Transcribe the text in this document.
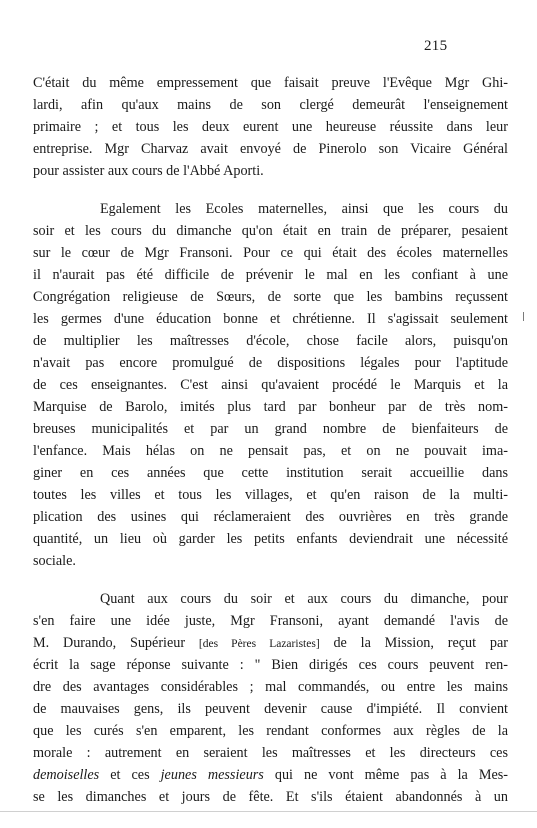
215
C'était du même empressement que faisait preuve l'Evêque Mgr Ghi-
lardi, afin qu'aux mains de son clergé demeurât l'enseignement
primaire ; et tous les deux eurent une heureuse réussite dans leur
entreprise. Mgr Charvaz avait envoyé de Pinerolo son Vicaire Général
pour assister aux cours de l'Abbé Aporti.
Egalement les Ecoles maternelles, ainsi que les cours du
soir et les cours du dimanche qu'on était en train de préparer, pesaient
sur le cœur de Mgr Fransoni. Pour ce qui était des écoles maternelles
il n'aurait pas été difficile de prévenir le mal en les confiant à une
Congrégation religieuse de Sœurs, de sorte que les bambins reçussent
les germes d'une éducation bonne et chrétienne. Il s'agissait seulement
de multiplier les maîtresses d'école, chose facile alors, puisqu'on
n'avait pas encore promulgué de dispositions légales pour l'aptitude
de ces enseignantes. C'est ainsi qu'avaient procédé le Marquis et la
Marquise de Barolo, imités plus tard par bonheur par de très nom-
breuses municipalités et par un grand nombre de bienfaiteurs de
l'enfance. Mais hélas on ne pensait pas, et on ne pouvait ima-
giner en ces années que cette institution serait accueillie dans
toutes les villes et tous les villages, et qu'en raison de la multi-
plication des usines qui réclameraient des ouvrières en très grande
quantité, un lieu où garder les petits enfants deviendrait une nécessité
sociale.
Quant aux cours du soir et aux cours du dimanche, pour
s'en faire une idée juste, Mgr Fransoni, ayant demandé l'avis de
M. Durando, Supérieur [des Pères Lazaristes] de la Mission, reçut par
écrit la sage réponse suivante : " Bien dirigés ces cours peuvent ren-
dre des avantages considérables ; mal commandés, ou entre les mains
de mauvaises gens, ils peuvent devenir cause d'impiété. Il convient
que les curés s'en emparent, les rendant conformes aux règles de la
morale : autrement en seraient les maîtresses et les directeurs ces
demoiselles et ces jeunes messieurs qui ne vont même pas à la Mes-
se les dimanches et jours de fête. Et s'ils étaient abandonnés à un
